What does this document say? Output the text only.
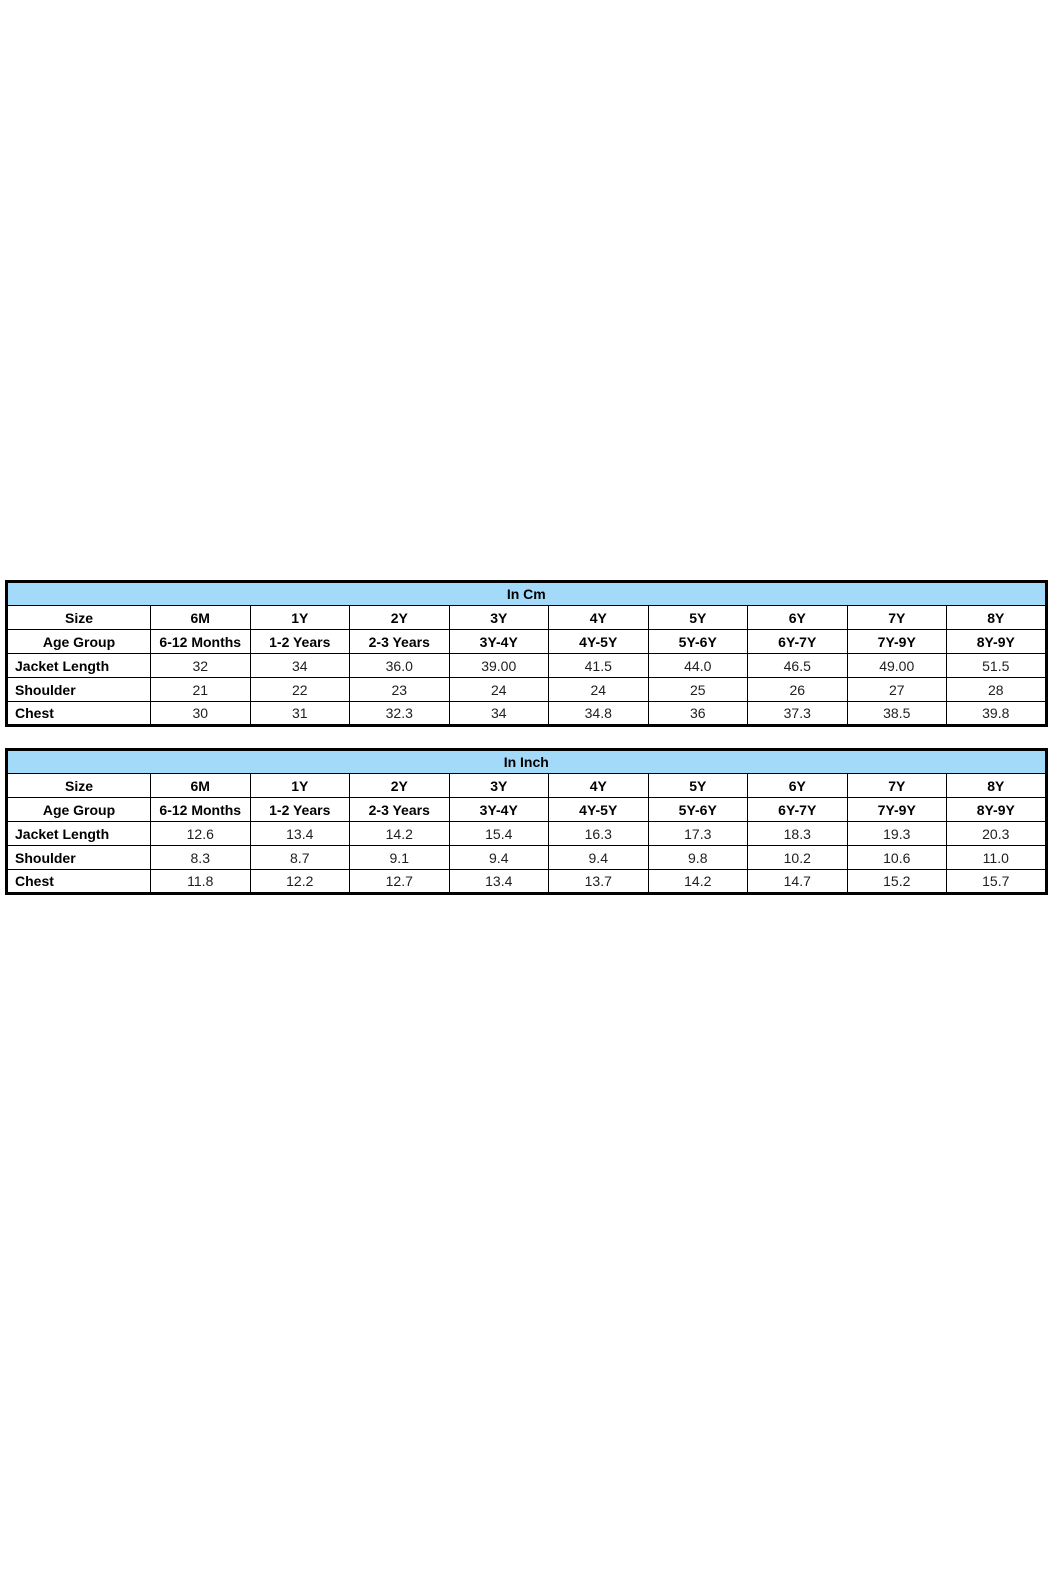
In Cm									
Size	6M	1Y	2Y	3Y	4Y	5Y	6Y	7Y	8Y
Age Group	6-12 Months	1-2 Years	2-3 Years	3Y-4Y	4Y-5Y	5Y-6Y	6Y-7Y	7Y-9Y	8Y-9Y
Jacket Length	32	34	36.0	39.00	41.5	44.0	46.5	49.00	51.5
Shoulder	21	22	23	24	24	25	26	27	28
Chest	30	31	32.3	34	34.8	36	37.3	38.5	39.8
In Inch									
Size	6M	1Y	2Y	3Y	4Y	5Y	6Y	7Y	8Y
Age Group	6-12 Months	1-2 Years	2-3 Years	3Y-4Y	4Y-5Y	5Y-6Y	6Y-7Y	7Y-9Y	8Y-9Y
Jacket Length	12.6	13.4	14.2	15.4	16.3	17.3	18.3	19.3	20.3
Shoulder	8.3	8.7	9.1	9.4	9.4	9.8	10.2	10.6	11.0
Chest	11.8	12.2	12.7	13.4	13.7	14.2	14.7	15.2	15.7
